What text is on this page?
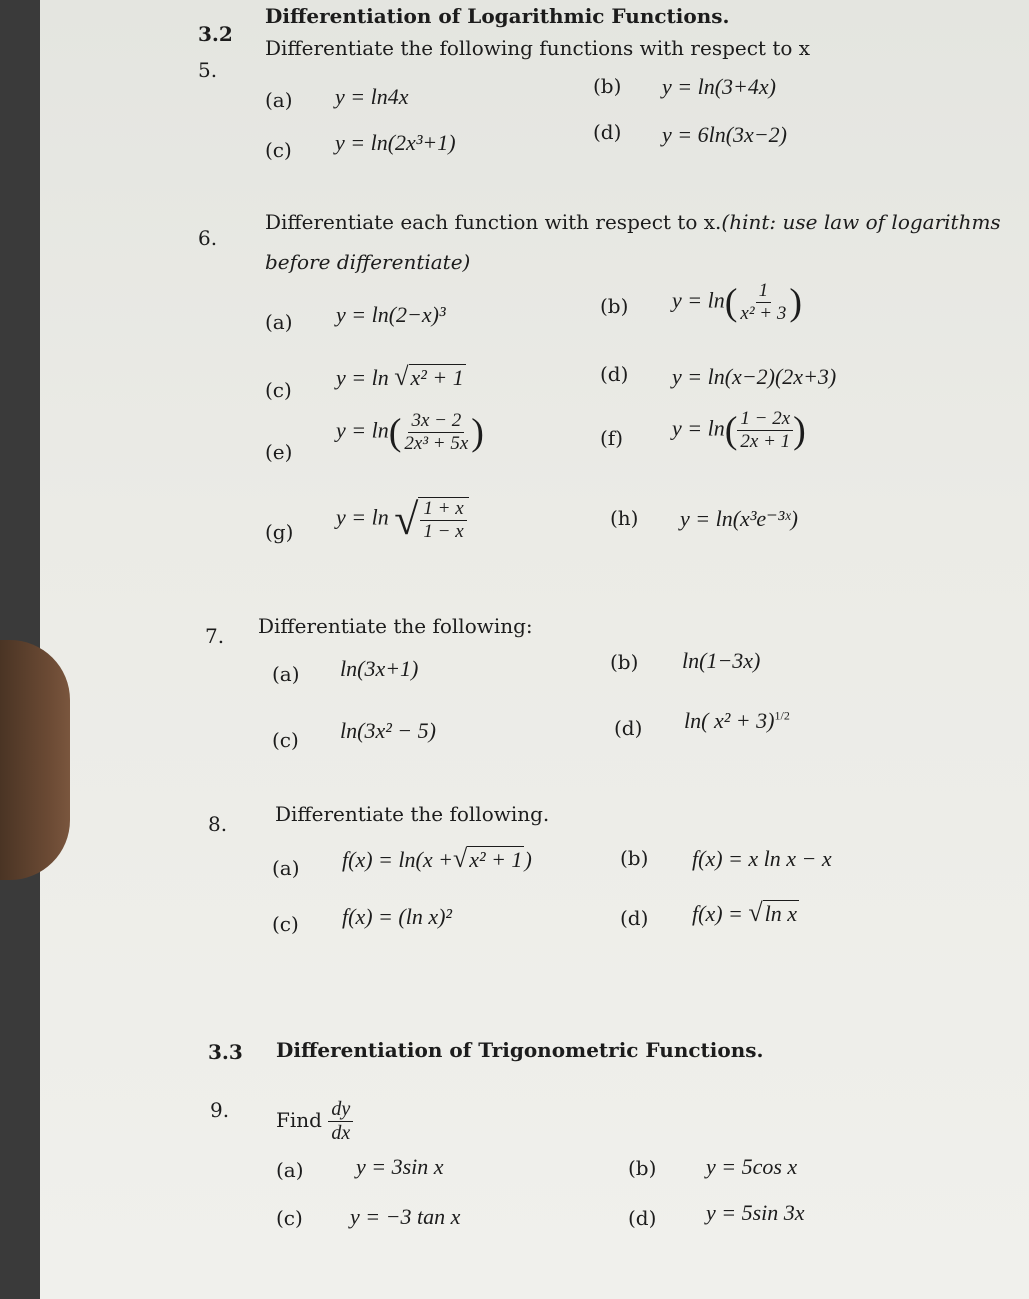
3.2
Differentiation of Logarithmic Functions.
5.
Differentiate the following functions with respect to x
(a) y = ln4x	(b) y = ln(3+4x)
(c) y = ln(2x³+1)	(d) y = 6ln(3x−2)
6.
Differentiate each function with respect to x.(hint: use law of logarithms
before differentiate)
(a) y = ln(2−x)³	(b) $y = \ln( \frac{1}{\text{x² + 3}}$ )
(c) y = ln √x² + 1	(d) y = ln(x−2)(2x+3)
(e)
$y = \ln( \frac{3x - 2}{\text{2x³ + 5x}}$ )	(f) $y = \ln( \frac{1 - 2x}{2x + 1}$ )
(g)
y = ln √ $\frac{1 + x}{1 - x}$	(h) y = ln(x³e⁻³ˣ)
7. Differentiate the following:
(a) ln(3x+1)	(b) ln(1−3x)
(c) ln(3x² − 5)	(d) ln( x² + 3)$^{1/2}$
8. Differentiate the following.
(a) f(x) = ln(x +√x² + 1)	(b) f(x) = x ln x − x
(c) f(x) = (ln x)²	(d) f(x) = √ln x
3.3 Differentiation of Trigonometric Functions.
9. Find $\frac{dy}{dx}$
(a) y = 3sin x	(b) y = 5cos x
(c) y = −3 tan x	(d) y = 5sin 3x
